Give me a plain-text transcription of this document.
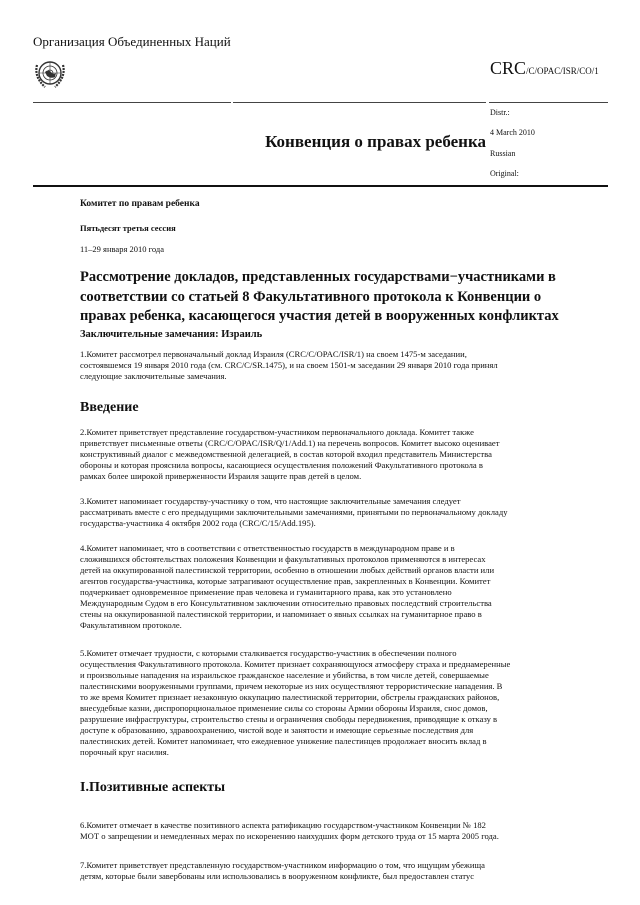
Организация Объединенных Наций
CRC/C/OPAC/ISR/CO/1
Distr.:
4 March 2010
Russian
Original:
Конвенция о правах ребенка
Комитет по правам ребенка
Пятьдесят третья сессия
11–29 января 2010 года
Рассмотрение докладов, представленных государствами−участниками в
соответствии со статьей 8 Факультативного протокола к Конвенции о
правах ребенка, касающегося участия детей в вооруженных конфликтах
Заключительные замечания: Израиль
1.Комитет рассмотрел первоначальный доклад Израиля (CRC/C/OPAC/ISR/1) на своем 1475-м заседании,
состоявшемся 19 января 2010 года (см. CRC/C/SR.1475), и на своем 1501-м заседании 29 января 2010 года принял
следующие заключительные замечания.
Введение
2.Комитет приветствует представление государством-участником первоначального доклада. Комитет также
приветствует письменные ответы (CRC/C/OPAC/ISR/Q/1/Add.1) на перечень вопросов. Комитет высоко оценивает
конструктивный диалог с межведомственной делегацией, в состав которой входил представитель Министерства
обороны и которая прояснила вопросы, касающиеся осуществления положений Факультативного протокола в
рамках более широкой приверженности Израиля защите прав детей в целом.
3.Комитет напоминает государству-участнику о том, что настоящие заключительные замечания следует
рассматривать вместе с его предыдущими заключительными замечаниями, принятыми по первоначальному докладу
государства-участника 4 октября 2002 года (CRC/C/15/Add.195).
4.Комитет напоминает, что в соответствии с ответственностью государств в международном праве и в
сложившихся обстоятельствах положения Конвенции и факультативных протоколов применяются в интересах
детей на оккупированной палестинской территории, особенно в отношении любых действий органов власти или
агентов государства-участника, которые затрагивают осуществление прав, закрепленных в Конвенции. Комитет
подчеркивает одновременное применение прав человека и гуманитарного права, как это установлено
Международным Судом в его Консультативном заключении относительно правовых последствий строительства
стены на оккупированной палестинской территории, и напоминает о явных ссылках на гуманитарное право в
Факультативном протоколе.
5.Комитет отмечает трудности, с которыми сталкивается государство-участник в обеспечении полного
осуществления Факультативного протокола. Комитет признает сохраняющуюся атмосферу страха и преднамеренные
и произвольные нападения на израильское гражданское население и убийства, в том числе детей, совершаемые
палестинскими вооруженными группами, причем некоторые из них осуществляют террористические нападения. В
то же время Комитет признает незаконную оккупацию палестинской территории, обстрелы гражданских районов,
внесудебные казни, диспропорциональное применение силы со стороны Армии обороны Израиля, снос домов,
разрушение инфраструктуры, строительство стены и ограничения свободы передвижения, приводящие к отказу в
доступе к образованию, здравоохранению, чистой воде и занятости и имеющие серьезные последствия для
палестинских детей. Комитет напоминает, что ежедневное унижение палестинцев продолжает вносить вклад в
порочный круг насилия.
I.Позитивные аспекты
6.Комитет отмечает в качестве позитивного аспекта ратификацию государством-участником Конвенции № 182
МОТ о запрещении и немедленных мерах по искоренению наихудших форм детского труда от 15 марта 2005 года.
7.Комитет приветствует представленную государством-участником информацию о том, что ищущим убежища
детям, которые были завербованы или использовались в вооруженном конфликте, был предоставлен статус
